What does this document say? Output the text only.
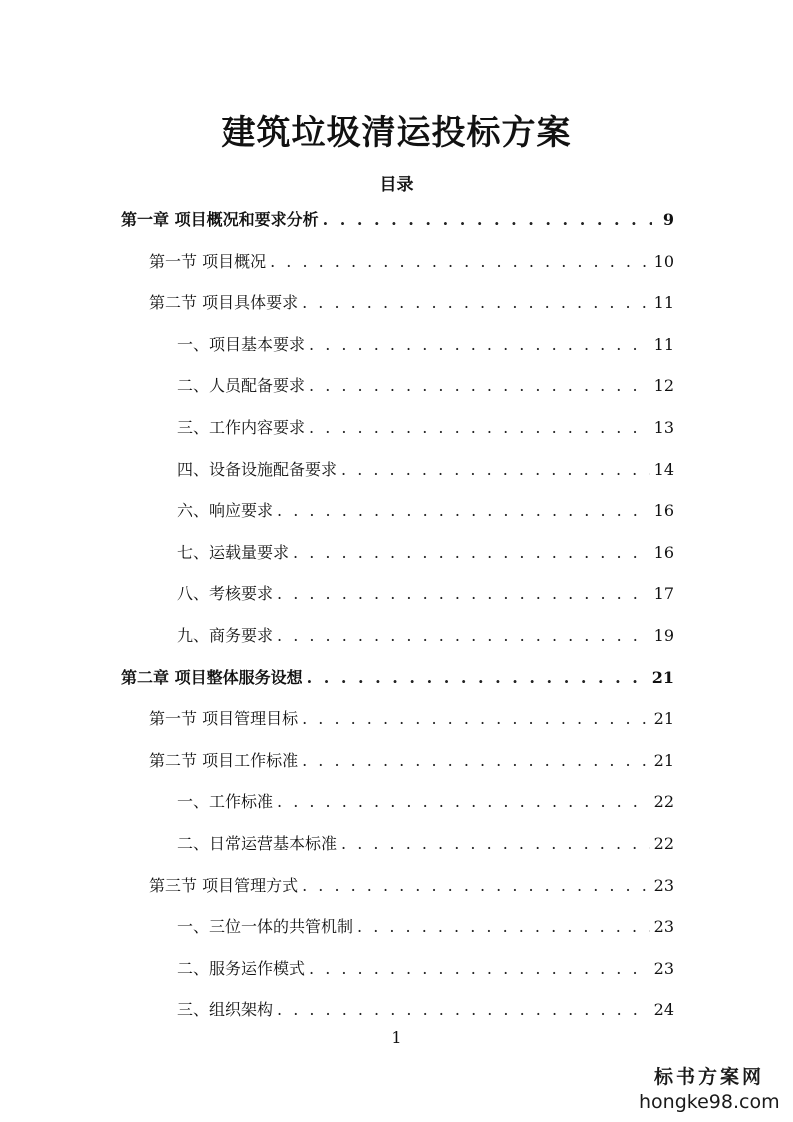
建筑垃圾清运投标方案
目录
第一章 项目概况和要求分析 . . .	9
第一节 项目概况 . . .	10
第二节 项目具体要求 . . .	11
一、项目基本要求 . . .	11
二、人员配备要求 . . .	12
三、工作内容要求 . . .	13
四、设备设施配备要求 . . .	14
六、响应要求 . . .	16
七、运载量要求 . . .	16
八、考核要求 . . .	17
九、商务要求 . . .	19
第二章 项目整体服务设想 . . .	21
第一节 项目管理目标 . . .	21
第二节 项目工作标准 . . .	21
一、工作标准 . . .	22
二、日常运营基本标准 . . .	22
第三节 项目管理方式 . . .	23
一、三位一体的共管机制 . . .	23
二、服务运作模式 . . .	23
三、组织架构 . . .	24
1
标书方案网
hongke98.com
